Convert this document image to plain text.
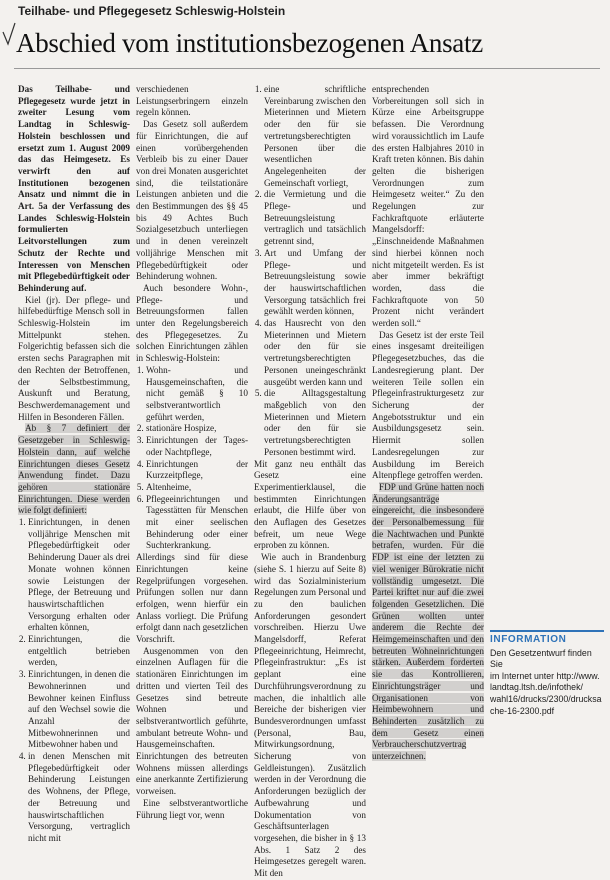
Teilhabe- und Pflegegesetz Schleswig-Holstein
Abschied vom institutionsbezogenen Ansatz

Das Teilhabe- und Pflegegesetz wurde jetzt in zweiter Lesung vom Landtag in Schleswig-Holstein beschlossen und ersetzt zum 1. August 2009 das das Heimgesetz. Es verwirft den auf Institutionen bezogenen Ansatz und nimmt die in Art. 5a der Verfassung des Landes Schleswig-Holstein formulierten Leitvorstellungen zum Schutz der Rechte und Interessen von Menschen mit Pflegebedürftigkeit oder Behinderung auf.

Kiel (jr). Der pflege- und hilfebedürftige Mensch soll in Schleswig-Holstein im Mittelpunkt stehen. Folgerichtig befassen sich die ersten sechs Paragraphen mit den Rechten der Betroffenen, der Selbstbestimmung, Auskunft und Beratung, Beschwerdemanagement und Hilfen in Besonderen Fällen.

Ab § 7 definiert der Gesetzgeber in Schleswig-Holstein dann, auf welche Einrichtungen dieses Gesetz Anwendung findet. Dazu gehören stationäre Einrichtungen. Diese werden wie folgt definiert:

1. Einrichtungen, in denen volljährige Menschen mit Pflegebedürftigkeit oder Behinderung Dauer als drei Monate wohnen können sowie Leistungen der Pflege, der Betreuung und hauswirtschaftlichen Versorgung erhalten oder erhalten können,
2. Einrichtungen, die entgeltlich betrieben werden,
3. Einrichtungen, in denen die Bewohnerinnen und Bewohner keinen Einfluss auf den Wechsel sowie die Anzahl der Mitbewohnerinnen und Mitbewohner haben und
4. in denen Menschen mit Pflegebedürftigkeit oder Behinderung Leistungen des Wohnens, der Pflege, der Betreuung und hauswirtschaftlichen Versorgung, vertraglich nicht mit

verschiedenen Leistungserbringern einzeln regeln können.

Das Gesetz soll außerdem für Einrichtungen, die auf einen vorübergehenden Verbleib bis zu einer Dauer von drei Monaten ausgerichtet sind, die teilstationäre Leistungen anbieten und die den Bestimmungen des §§ 45 bis 49 Achtes Buch Sozialgesetzbuch unterliegen und in denen vereinzelt volljährige Menschen mit Pflegebedürftigkeit oder Behinderung wohnen.

Auch besondere Wohn-, Pflege- und Betreuungsformen fallen unter den Regelungsbereich des Pflegegesetzes. Zu solchen Einrichtungen zählen in Schleswig-Holstein:

1. Wohn- und Hausgemeinschaften, die nicht gemäß § 10 selbstverantwortlich geführt werden,
2. stationäre Hospize,
3. Einrichtungen der Tages- oder Nachtpflege,
4. Einrichtungen der Kurzzeitpflege,
5. Altenheime,
6. Pflegeeinrichtungen und Tagesstätten für Menschen mit einer seelischen Behinderung oder einer Suchterkrankung.

Allerdings sind für diese Einrichtungen keine Regelprüfungen vorgesehen. Prüfungen sollen nur dann erfolgen, wenn hierfür ein Anlass vorliegt. Die Prüfung erfolgt dann nach gesetzlichen Vorschrift.

Ausgenommen von den einzelnen Auflagen für die stationären Einrichtungen im dritten und vierten Teil des Gesetzes sind betreute Wohnen und selbstverantwortlich geführte, ambulant betreute Wohn- und Hausgemeinschaften. Einrichtungen des betreuten Wohnens müssen allerdings eine anerkannte Zertifizierung vorweisen.

Eine selbstverantwortliche Führung liegt vor, wenn

1. eine schriftliche Vereinbarung zwischen den Mieterinnen und Mietern oder den für sie vertretungsberechtigten Personen über die wesentlichen Angelegenheiten der Gemeinschaft vorliegt,
2. die Vermietung und die Pflege- und Betreuungsleistung vertraglich und tatsächlich getrennt sind,
3. Art und Umfang der Pflege- und Betreuungsleistung sowie der hauswirtschaftlichen Versorgung tatsächlich frei gewählt werden können,
4. das Hausrecht von den Mieterinnen und Mietern oder den für sie vertretungsberechtigten Personen uneingeschränkt ausgeübt werden kann und
5. die Alltagsgestaltung maßgeblich von den Mieterinnen und Mietern oder den für sie vertretungsberechtigten Personen bestimmt wird.

Mit ganz neu enthält das Gesetz eine Experimentierklausel, die bestimmten Einrichtungen erlaubt, die Hilfe über von den Auflagen des Gesetzes befreit, um neue Wege erproben zu können.

Wie auch in Brandenburg (siehe S. 1 hierzu auf Seite 8) wird das Sozialministerium Regelungen zum Personal und zu den baulichen Anforderungen gesondert vorschreiben. Hierzu Uwe Mangelsdorff, Referat Pflegeeinrichtung, Heimrecht, Pflegeinfrastruktur: „Es ist geplant eine Durchführungsverordnung zu machen, die inhaltlich alle Bereiche der bisherigen vier Bundesverordnungen umfasst (Personal, Bau, Mitwirkungsordnung, Sicherung von Geldleistungen). Zusätzlich werden in der Verordnung die Anforderungen bezüglich der Aufbewahrung und Dokumentation von Geschäftsunterlagen vorgesehen, die bisher in § 13 Abs. 1 Satz 2 des Heimgesetzes geregelt waren. Mit den

entsprechenden Vorbereitungen soll sich in Kürze eine Arbeitsgruppe befassen. Die Verordnung wird voraussichtlich im Laufe des ersten Halbjahres 2010 in Kraft treten können. Bis dahin gelten die bisherigen Verordnungen zum Heimgesetz weiter.“ Zu den Regelungen zur Fachkraftquote erläuterte Mangelsdorff: „Einschneidende Maßnahmen sind hierbei können noch nicht mitgeteilt werden. Es ist aber immer bekräftigt worden, dass die Fachkraftquote von 50 Prozent nicht verändert werden soll.“

Das Gesetz ist der erste Teil eines insgesamt dreiteiligen Pflegegesetzbuches, das die Landesregierung plant. Der weiteren Teile sollen ein Pflegeinfrastrukturgesetz zur Sicherung der Angebotsstruktur und ein Ausbildungsgesetz sein. Hiermit sollen Landesregelungen zur Ausbildung im Bereich Altenpflege getroffen werden.

FDP und Grüne hatten noch Änderungsanträge eingereicht, die insbesondere der Personalbemessung für die Nachtwachen und Punkte betrafen, wurden. Für die FDP ist eine der letzten zu viel weniger Bürokratie nicht vollständig umgesetzt. Die Partei kriftet nur auf die zwei folgenden Gesetzlichen. Die Grünen wollten unter anderem die Rechte der Heimgemeinschaften und den betreuten Wohneinrichtungen stärken. Außerdem forderten sie das Kontrollieren, Einrichtungsträger und Organisationen von Heimbewohnern und Behinderten zusätzlich zu dem Gesetz einen Verbraucherschutzvertrag unterzeichnen.

INFORMATION
Den Gesetzentwurf finden Sie
im Internet unter http://www.
landtag.ltsh.de/infothek/
wahl16/drucks/2300/drucksa
che-16-2300.pdf
